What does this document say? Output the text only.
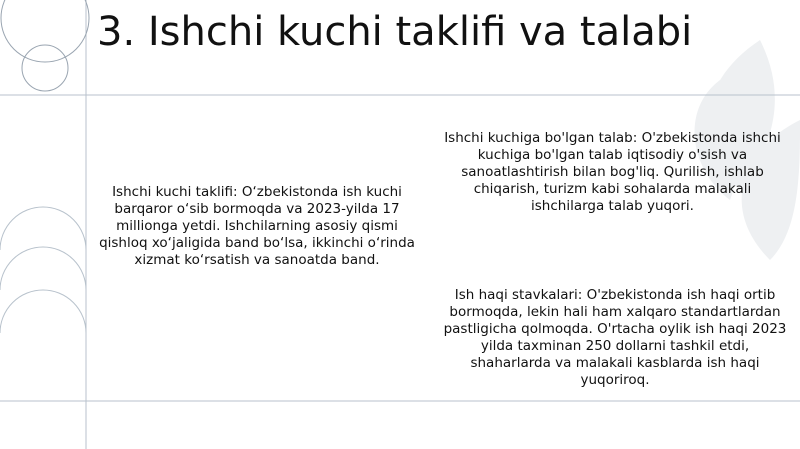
3. Ishchi kuchi taklifi va talabi

Ishchi kuchi taklifi: O‘zbekistonda ish kuchi barqaror o‘sib bormoqda va 2023-yilda 17 millionga yetdi. Ishchilarning asosiy qismi qishloq xo‘jaligida band bo‘lsa, ikkinchi o‘rinda xizmat ko‘rsatish va sanoatda band.

Ishchi kuchiga bo'lgan talab: O'zbekistonda ishchi kuchiga bo'lgan talab iqtisodiy o'sish va sanoatlashtirish bilan bog'liq. Qurilish, ishlab chiqarish, turizm kabi sohalarda malakali ishchilarga talab yuqori.

Ish haqi stavkalari: O'zbekistonda ish haqi ortib bormoqda, lekin hali ham xalqaro standartlardan pastligicha qolmoqda. O'rtacha oylik ish haqi 2023 yilda taxminan 250 dollarni tashkil etdi, shaharlarda va malakali kasblarda ish haqi yuqoriroq.
